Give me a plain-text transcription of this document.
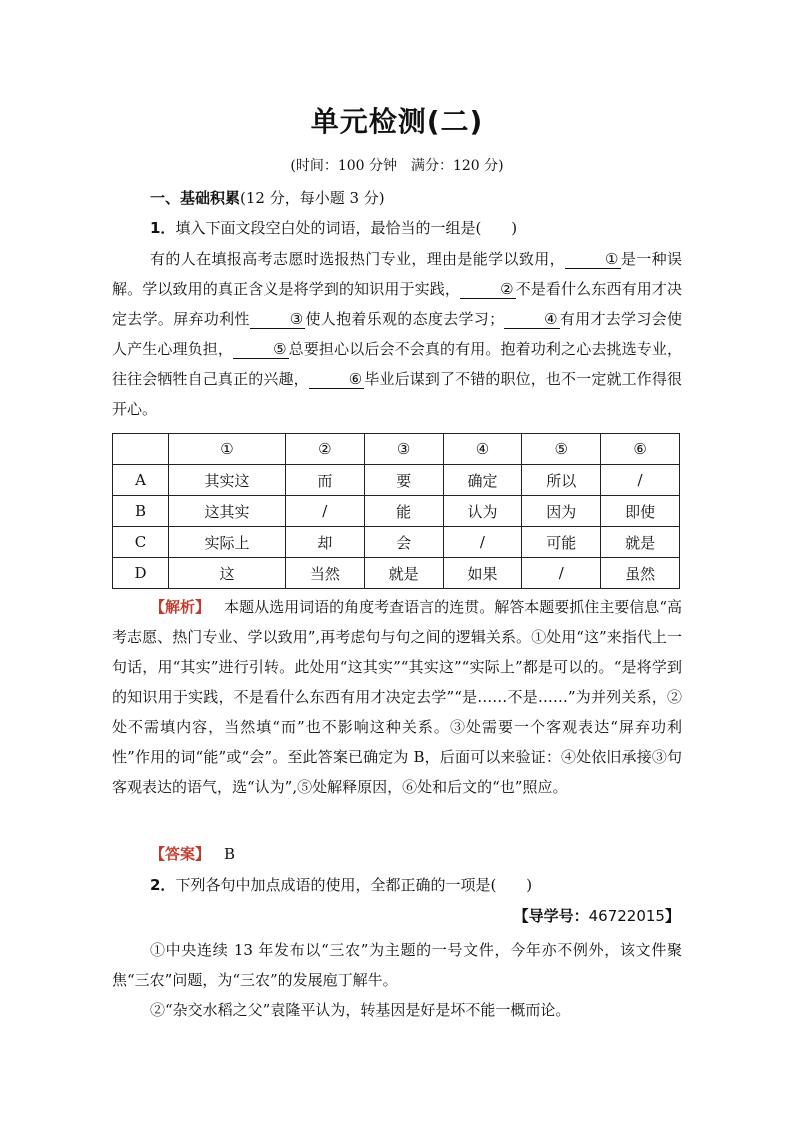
单元检测(二)
(时间：100 分钟　满分：120 分)
一、基础积累(12 分，每小题 3 分)
1．填入下面文段空白处的词语，最恰当的一组是(　　)
有的人在填报高考志愿时选报热门专业，理由是能学以致用，	① 是一种误解。学以致用的真正含义是将学到的知识用于实践，	② 不是看什么东西有用才决定去学。屏弃功利性	③ 使人抱着乐观的态度去学习；	④ 有用才去学习会使人产生心理负担，	⑤ 总要担心以后会不会真的有用。抱着功利之心去挑选专业，往往会牺牲自己真正的兴趣，	⑥ 毕业后谋到了不错的职位，也不一定就工作得很开心。
	①	②	③	④	⑤	⑥
A	其实这	而	要	确定	所以	/
B	这其实	/	能	认为	因为	即使
C	实际上	却	会	/	可能	就是
D	这	当然	就是	如果	/	虽然
【解析】 本题从选用词语的角度考查语言的连贯。解答本题要抓住主要信息“高考志愿、热门专业、学以致用”,再考虑句与句之间的逻辑关系。①处用“这”来指代上一句话，用“其实”进行引转。此处用“这其实”“其实这”“实际上”都是可以的。“是将学到的知识用于实践，不是看什么东西有用才决定去学”“是……不是……”为并列关系，②处不需填内容，当然填“而”也不影响这种关系。③处需要一个客观表达“屏弃功利性”作用的词“能”或“会”。至此答案已确定为 B，后面可以来验证：④处依旧承接③句客观表达的语气，选“认为”,⑤处解释原因，⑥处和后文的“也”照应。
【答案】 B
2．下列各句中加点成语的使用，全都正确的一项是(　　)
【导学号：46722015】
①中央连续 13 年发布以“三农”为主题的一号文件，今年亦不例外，该文件聚焦“三农”问题，为“三农”的发展庖丁解牛。
②“杂交水稻之父”袁隆平认为，转基因是好是坏不能一概而论。
